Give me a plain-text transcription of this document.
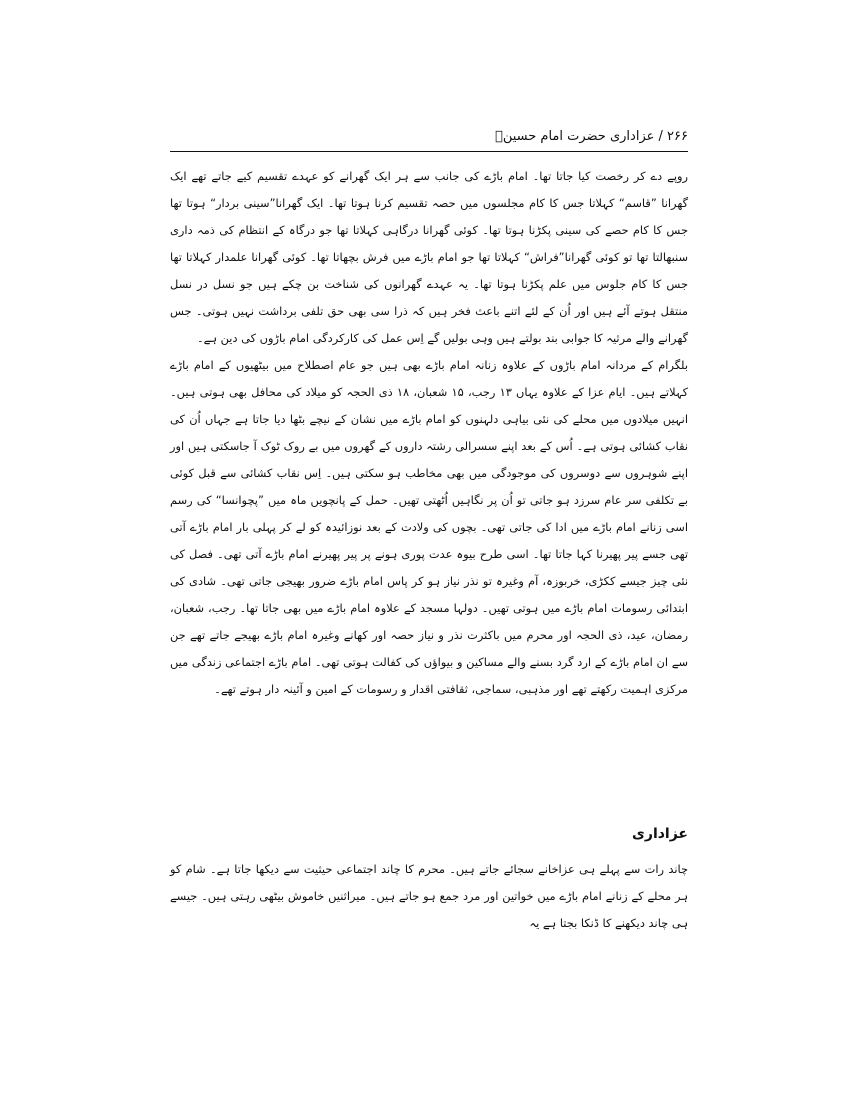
۲۶۶ / عزاداری حضرت امام حسینؑ

روپے دے کر رخصت کیا جاتا تھا۔ امام باڑے کی جانب سے ہر ایک گھرانے کو عہدے تقسیم کیے جاتے تھے ایک گھرانا ”قاسم“ کہلاتا جس کا کام مجلسوں میں حصہ تقسیم کرنا ہوتا تھا۔ ایک گھرانا”سینی بردار“ ہوتا تھا جس کا کام حصے کی سینی پکڑنا ہوتا تھا۔ کوئی گھرانا درگاہی کہلاتا تھا جو درگاہ کے انتظام کی ذمہ داری سنبھالتا تھا تو کوئی گھرانا”فراش“ کہلاتا تھا جو امام باڑے میں فرش بچھاتا تھا۔ کوئی گھرانا علمدار کہلاتا تھا جس کا کام جلوس میں علم پکڑنا ہوتا تھا۔ یہ عہدے گھرانوں کی شناخت بن چکے ہیں جو نسل در نسل منتقل ہوتے آئے ہیں اور اُن کے لئے اتنے باعث فخر ہیں کہ ذرا سی بھی حق تلفی برداشت نہیں ہوتی۔ جس گھرانے والے مرثیہ کا جوابی بند بولتے ہیں وہی بولیں گے اِس عمل کی کارکردگی امام باڑوں کی دین ہے۔

بلگرام کے مردانہ امام باڑوں کے علاوہ زنانہ امام باڑے بھی ہیں جو عام اصطلاح میں بیٹھیوں کے امام باڑے کہلاتے ہیں۔ ایام عزا کے علاوہ یہاں ۱۳ رجب، ۱۵ شعبان، ۱۸ ذی الحجہ کو میلاد کی محافل بھی ہوتی ہیں۔ انہیں میلادوں میں محلے کی نئی بیاہی دلہنوں کو امام باڑے میں نشان کے نیچے بٹھا دیا جاتا ہے جہاں اُن کی نقاب کشائی ہوتی ہے۔ اُس کے بعد اپنے سسرالی رشتہ داروں کے گھروں میں بے روک ٹوک آ جاسکتی ہیں اور اپنے شوہروں سے دوسروں کی موجودگی میں بھی مخاطب ہو سکتی ہیں۔ اِس نقاب کشائی سے قبل کوئی بے تکلفی سر عام سرزد ہو جاتی تو اُن پر نگاہیں اُٹھتی تھیں۔ حمل کے پانچویں ماہ میں ”پچوانسا“ کی رسم اسی زنانے امام باڑے میں ادا کی جاتی تھی۔ بچوں کی ولادت کے بعد نوزائیدہ کو لے کر پہلی بار امام باڑے آتی تھی جسے پیر پھیرنا کہا جاتا تھا۔ اسی طرح بیوہ عدت پوری ہونے پر پیر پھیرنے امام باڑے آتی تھی۔ فصل کی نئی چیز جیسے ککڑی، خربوزہ، آم وغیرہ تو نذر نیاز ہو کر پاس امام باڑے ضرور بھیجی جاتی تھی۔ شادی کی ابتدائی رسومات امام باڑے میں ہوتی تھیں۔ دولہا مسجد کے علاوہ امام باڑے میں بھی جاتا تھا۔ رجب، شعبان، رمضان، عید، ذی الحجہ اور محرم میں باکثرت نذر و نیاز حصہ اور کھانے وغیرہ امام باڑے بھیجے جاتے تھے جن سے ان امام باڑے کے ارد گرد بسنے والے مساکین و بیواؤں کی کفالت ہوتی تھی۔ امام باڑے اجتماعی زندگی میں مرکزی اہمیت رکھتے تھے اور مذہبی، سماجی، ثقافتی اقدار و رسومات کے امین و آئینہ دار ہوتے تھے۔

عزاداری

چاند رات سے پہلے ہی عزاخانے سجائے جاتے ہیں۔ محرم کا چاند اجتماعی حیثیت سے دیکھا جاتا ہے۔ شام کو ہر محلے کے زنانے امام باڑے میں خواتین اور مرد جمع ہو جاتے ہیں۔ میراثنیں خاموش بیٹھی رہتی ہیں۔ جیسے ہی چاند دیکھنے کا ڈنکا بجتا ہے یہ
